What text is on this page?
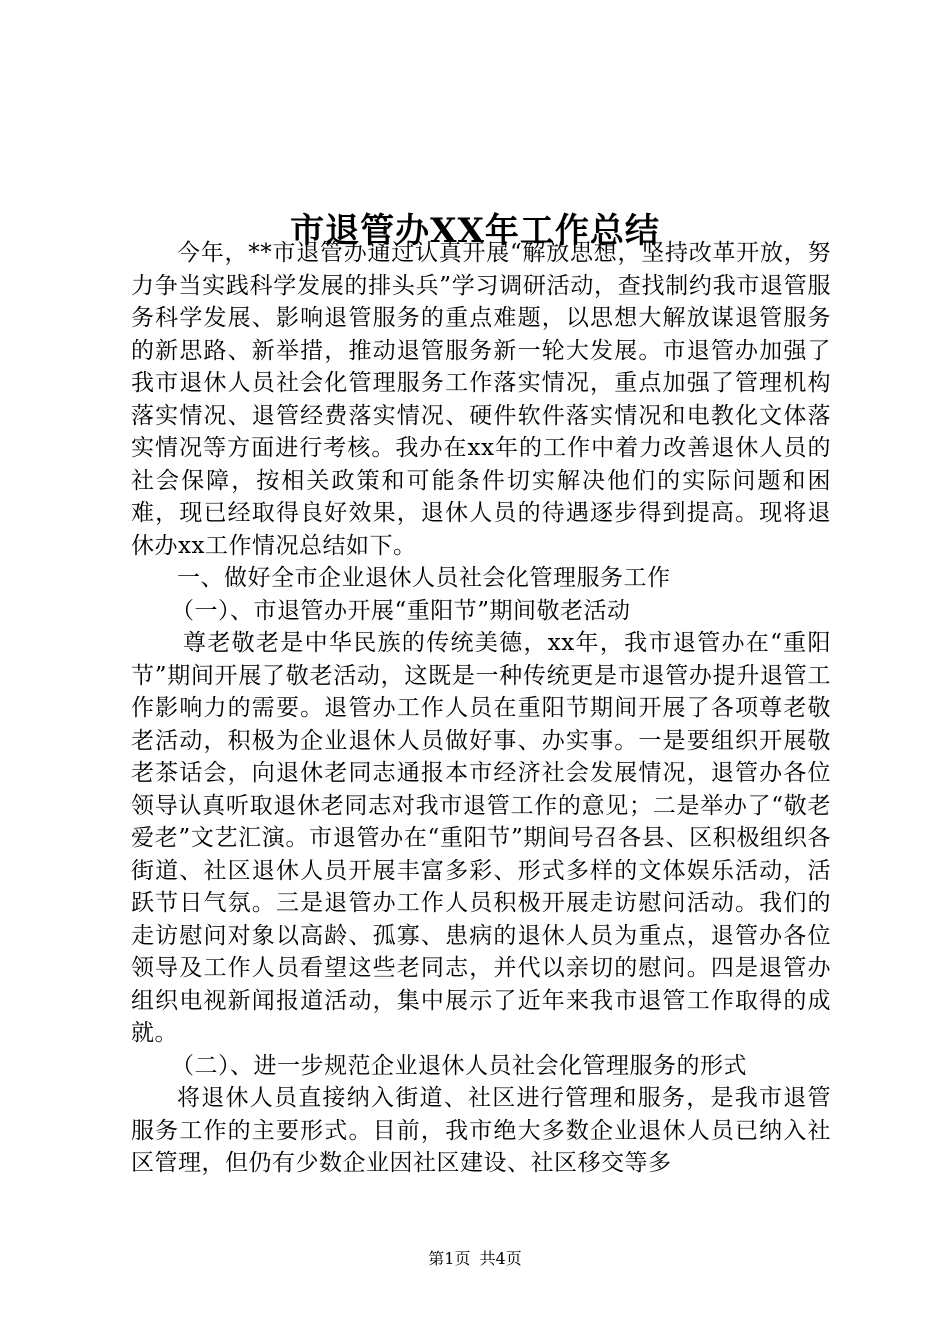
市退管办XX年工作总结

今年，**市退管办通过认真开展“解放思想，坚持改革开放，努力争当实践科学发展的排头兵”学习调研活动，查找制约我市退管服务科学发展、影响退管服务的重点难题，以思想大解放谋退管服务的新思路、新举措，推动退管服务新一轮大发展。市退管办加强了我市退休人员社会化管理服务工作落实情况，重点加强了管理机构落实情况、退管经费落实情况、硬件软件落实情况和电教化文体落实情况等方面进行考核。我办在xx年的工作中着力改善退休人员的社会保障，按相关政策和可能条件切实解决他们的实际问题和困难，现已经取得良好效果，退休人员的待遇逐步得到提高。现将退休办xx工作情况总结如下。

一、做好全市企业退休人员社会化管理服务工作

（一）、市退管办开展“重阳节”期间敬老活动

尊老敬老是中华民族的传统美德，xx年，我市退管办在“重阳节”期间开展了敬老活动，这既是一种传统更是市退管办提升退管工作影响力的需要。退管办工作人员在重阳节期间开展了各项尊老敬老活动，积极为企业退休人员做好事、办实事。一是要组织开展敬老茶话会，向退休老同志通报本市经济社会发展情况，退管办各位领导认真听取退休老同志对我市退管工作的意见；二是举办了“敬老爱老”文艺汇演。市退管办在“重阳节”期间号召各县、区积极组织各街道、社区退休人员开展丰富多彩、形式多样的文体娱乐活动，活跃节日气氛。三是退管办工作人员积极开展走访慰问活动。我们的走访慰问对象以高龄、孤寡、患病的退休人员为重点，退管办各位领导及工作人员看望这些老同志，并代以亲切的慰问。四是退管办组织电视新闻报道活动，集中展示了近年来我市退管工作取得的成就。

（二）、进一步规范企业退休人员社会化管理服务的形式

将退休人员直接纳入街道、社区进行管理和服务，是我市退管服务工作的主要形式。目前，我市绝大多数企业退休人员已纳入社区管理，但仍有少数企业因社区建设、社区移交等多

第1页 共4页
